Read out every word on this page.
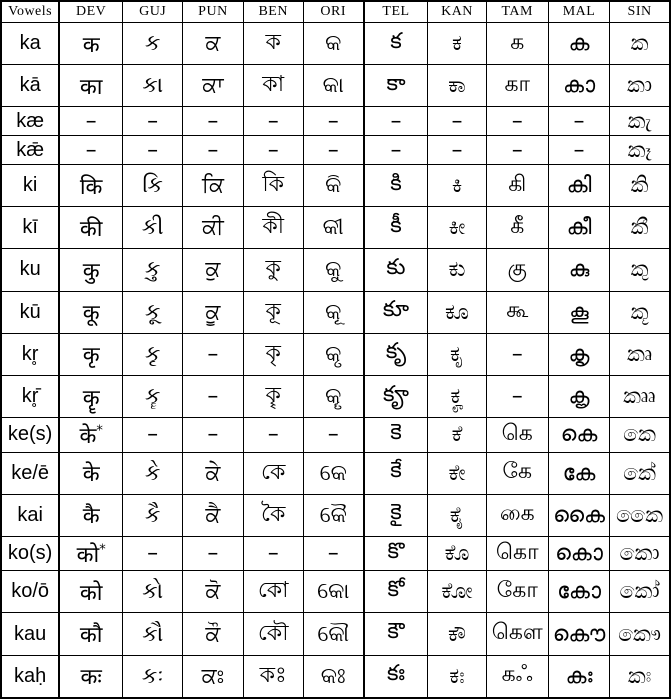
Vowels	DEV	GUJ	PUN	BEN	ORI	TEL	KAN	TAM	MAL	SIN
ka	क	ક	ਕ	ক	କ	క	ಕ	க	ക	ක
kā	का	કા	ਕਾ	কা	କା	కా	ಕಾ	கா	കാ	කා
kæ	–	–	–	–	–	–	–	–	–	කැ
kǣ	–	–	–	–	–	–	–	–	–	කෑ
ki	कि	કિ	ਕਿ	কি	କି	కి	ಕಿ	கி	കി	කි
kī	की	કી	ਕੀ	কী	କୀ	కీ	ಕೀ	கீ	കീ	කී
ku	कु	કુ	ਕੁ	কু	କୁ	కు	ಕು	கு	കു	කු
kū	कू	કૂ	ਕੂ	কূ	କୂ	కూ	ಕೂ	கூ	കൂ	කූ
kr̥	कृ	કૃ	–	কৃ	କୃ	కృ	ಕೃ	–	കൃ	කෘ
kr̥̄	कॄ	કૄ	–	কৄ	କୄ	కౄ	ಕೄ	–	കൄ	කෲ
ke(s)	के*	–	–	–	–	కె	ಕೆ	கெ	കെ	කෙ
ke/ē	के	કે	ਕੇ	কে	କେ	కే	ಕೇ	கே	കേ	කේ
kai	कै	કૈ	ਕੈ	কৈ	କୈ	కై	ಕೈ	கை	കൈ	කෛ
ko(s)	को*	–	–	–	–	కొ	ಕೊ	கொ	കൊ	කො
ko/ō	को	કો	ਕੋ	কো	କୋ	కో	ಕೋ	கோ	കോ	කෝ
kau	कौ	કૌ	ਕੌ	কৌ	କୌ	కౌ	ಕೌ	கௌ	കൌ	කෞ
kaḥ	कः	કઃ	ਕਃ	কঃ	କଃ	కః	ಕಃ	கஃ	കഃ	කඃ
